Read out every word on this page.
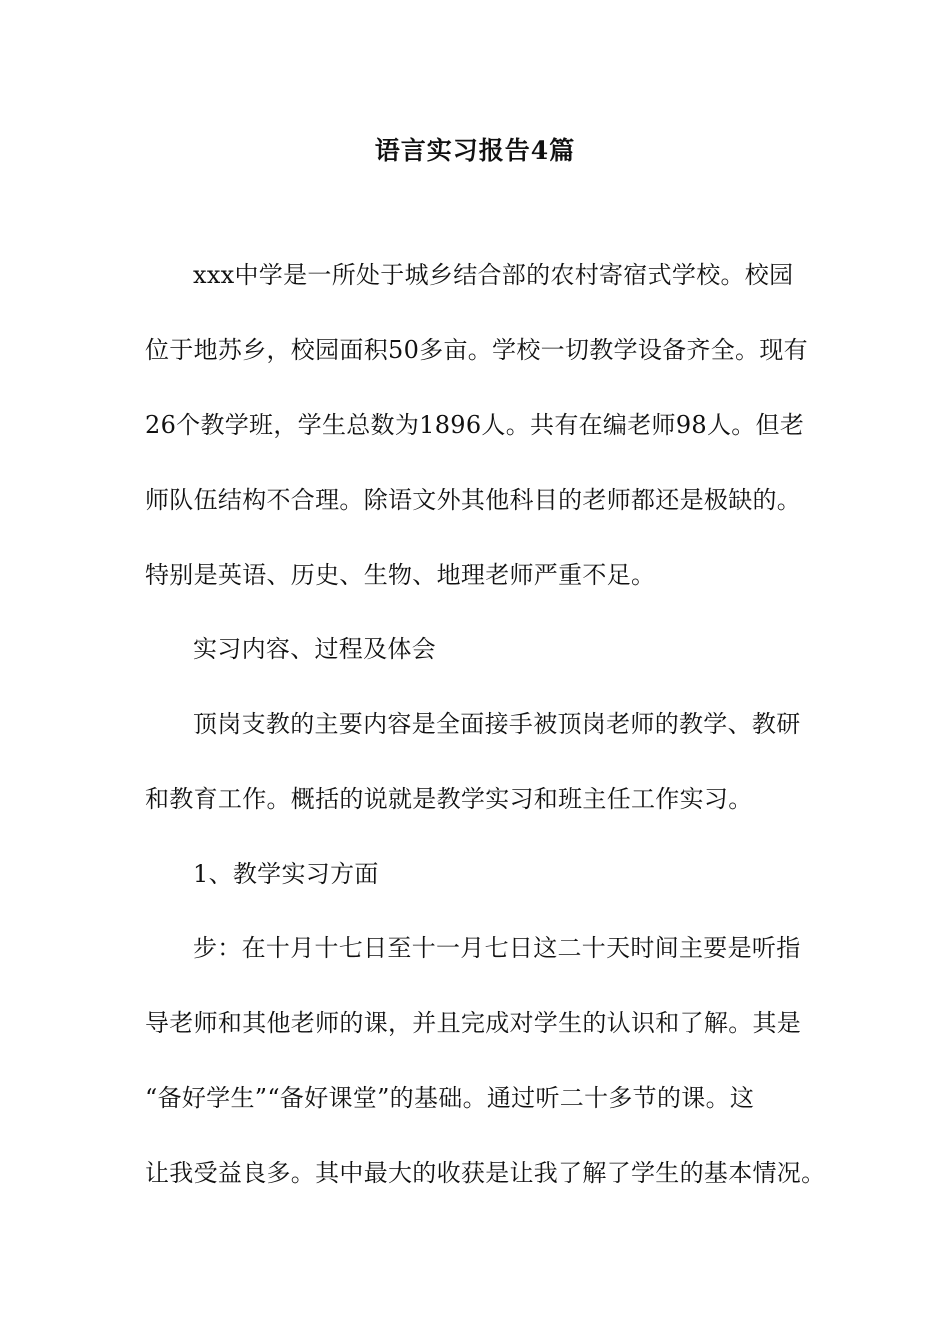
语言实习报告4篇
xxx中学是一所处于城乡结合部的农村寄宿式学校。校园
位于地苏乡，校园面积50多亩。学校一切教学设备齐全。现有
26个教学班，学生总数为1896人。共有在编老师98人。但老
师队伍结构不合理。除语文外其他科目的老师都还是极缺的。
特别是英语、历史、生物、地理老师严重不足。
实习内容、过程及体会
顶岗支教的主要内容是全面接手被顶岗老师的教学、教研
和教育工作。概括的说就是教学实习和班主任工作实习。
1、教学实习方面
步：在十月十七日至十一月七日这二十天时间主要是听指
导老师和其他老师的课，并且完成对学生的认识和了解。其是
“备好学生”“备好课堂”的基础。通过听二十多节的课。这
让我受益良多。其中最大的收获是让我了解了学生的基本情况。
